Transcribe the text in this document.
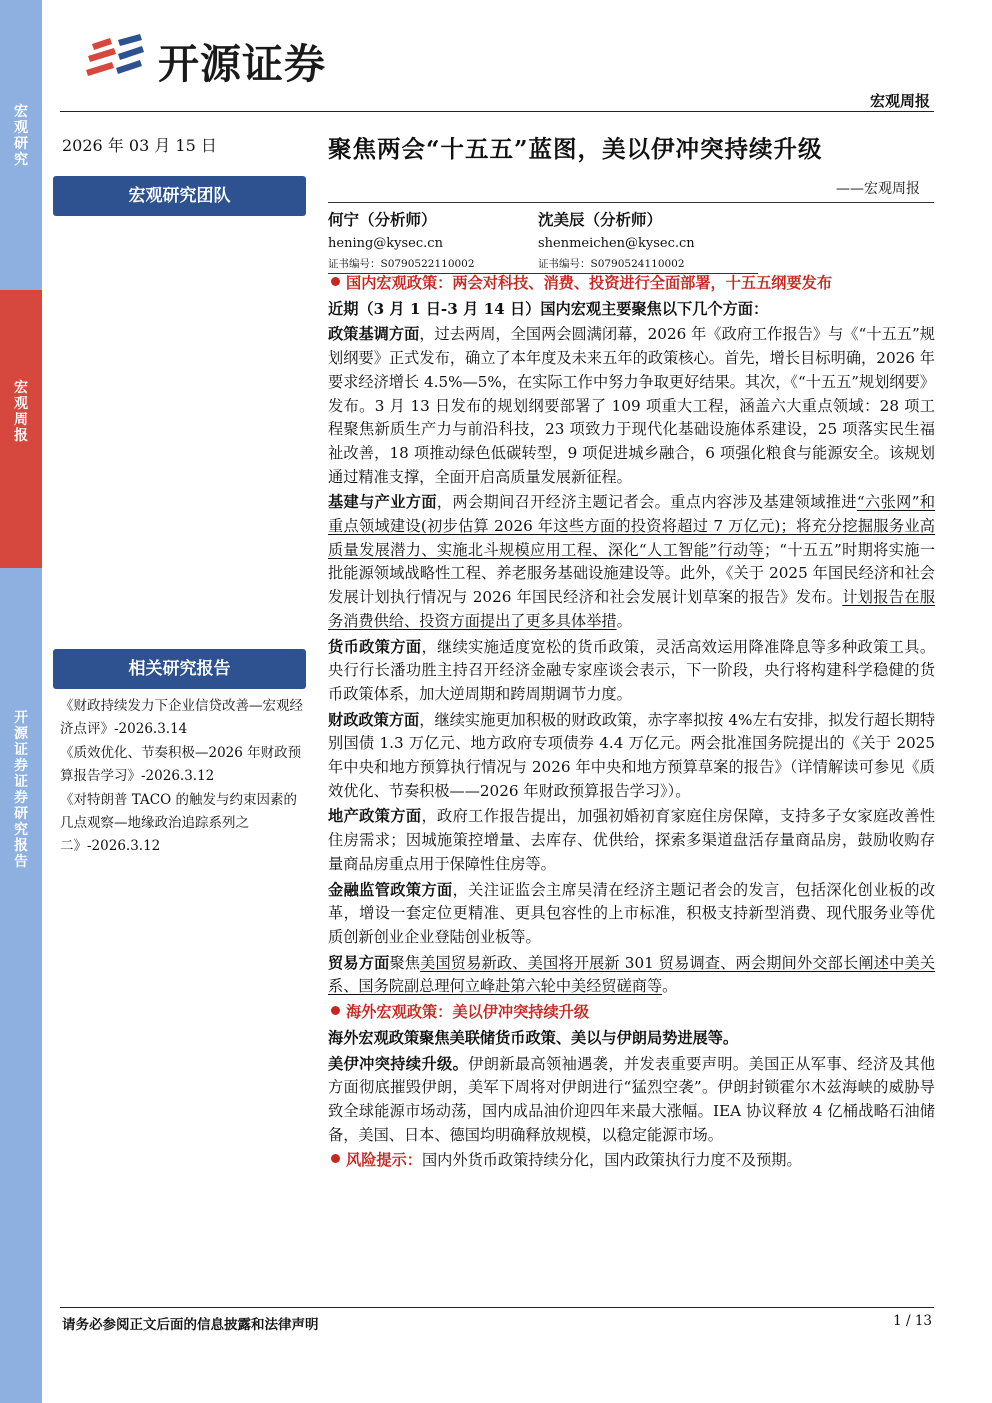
宏
观
研
究
宏
观
周
报
开
源
证
券
证
券
研
究
报
告
开源证券
宏观周报
2026 年 03 月 15 日
宏观研究团队
相关研究报告

《财政持续发力下企业信贷改善—宏观经济点评》-2026.3.14

《质效优化、节奏积极—2026 年财政预算报告学习》-2026.3.12

《对特朗普 TACO 的触发与约束因素的几点观察—地缘政治追踪系列之二》-2026.3.12

聚焦两会“十五五”蓝图，美以伊冲突持续升级
——宏观周报
何宁（分析师）
hening@kysec.cn
证书编号：S0790522110002
沈美辰（分析师）
shenmeichen@kysec.cn
证书编号：S0790524110002

国内宏观政策：两会对科技、消费、投资进行全面部署，十五五纲要发布

近期（3 月 1 日-3 月 14 日）国内宏观主要聚焦以下几个方面：

政策基调方面，过去两周，全国两会圆满闭幕，2026 年《政府工作报告》与《“十五五”规划纲要》正式发布，确立了本年度及未来五年的政策核心。首先，增长目标明确，2026 年要求经济增长 4.5%—5%，在实际工作中努力争取更好结果。其次，《“十五五”规划纲要》发布。3 月 13 日发布的规划纲要部署了 109 项重大工程，涵盖六大重点领域：28 项工程聚焦新质生产力与前沿科技，23 项致力于现代化基础设施体系建设，25 项落实民生福祉改善，18 项推动绿色低碳转型，9 项促进城乡融合，6 项强化粮食与能源安全。该规划通过精准支撑，全面开启高质量发展新征程。

基建与产业方面，两会期间召开经济主题记者会。重点内容涉及基建领域推进“六张网”和重点领域建设(初步估算 2026 年这些方面的投资将超过 7 万亿元)；将充分挖掘服务业高质量发展潜力、实施北斗规模应用工程、深化“人工智能”行动等；“十五五”时期将实施一批能源领域战略性工程、养老服务基础设施建设等。此外，《关于 2025 年国民经济和社会发展计划执行情况与 2026 年国民经济和社会发展计划草案的报告》发布。计划报告在服务消费供给、投资方面提出了更多具体举措。

货币政策方面，继续实施适度宽松的货币政策，灵活高效运用降准降息等多种政策工具。央行行长潘功胜主持召开经济金融专家座谈会表示，下一阶段，央行将构建科学稳健的货币政策体系，加大逆周期和跨周期调节力度。

财政政策方面，继续实施更加积极的财政政策，赤字率拟按 4%左右安排，拟发行超长期特别国债 1.3 万亿元、地方政府专项债券 4.4 万亿元。两会批准国务院提出的《关于 2025 年中央和地方预算执行情况与 2026 年中央和地方预算草案的报告》（详情解读可参见《质效优化、节奏积极——2026 年财政预算报告学习》）。

地产政策方面，政府工作报告提出，加强初婚初育家庭住房保障，支持多子女家庭改善性住房需求；因城施策控增量、去库存、优供给，探索多渠道盘活存量商品房，鼓励收购存量商品房重点用于保障性住房等。

金融监管政策方面，关注证监会主席吴清在经济主题记者会的发言，包括深化创业板的改革，增设一套定位更精准、更具包容性的上市标准，积极支持新型消费、现代服务业等优质创新创业企业登陆创业板等。

贸易方面聚焦美国贸易新政、美国将开展新 301 贸易调查、两会期间外交部长阐述中美关系、国务院副总理何立峰赴第六轮中美经贸磋商等。

海外宏观政策：美以伊冲突持续升级

海外宏观政策聚焦美联储货币政策、美以与伊朗局势进展等。

美伊冲突持续升级。伊朗新最高领袖遇袭，并发表重要声明。美国正从军事、经济及其他方面彻底摧毁伊朗，美军下周将对伊朗进行“猛烈空袭”。伊朗封锁霍尔木兹海峡的威胁导致全球能源市场动荡，国内成品油价迎四年来最大涨幅。IEA 协议释放 4 亿桶战略石油储备，美国、日本、德国均明确释放规模，以稳定能源市场。

风险提示：国内外货币政策持续分化，国内政策执行力度不及预期。

请务必参阅正文后面的信息披露和法律声明	1 / 13
